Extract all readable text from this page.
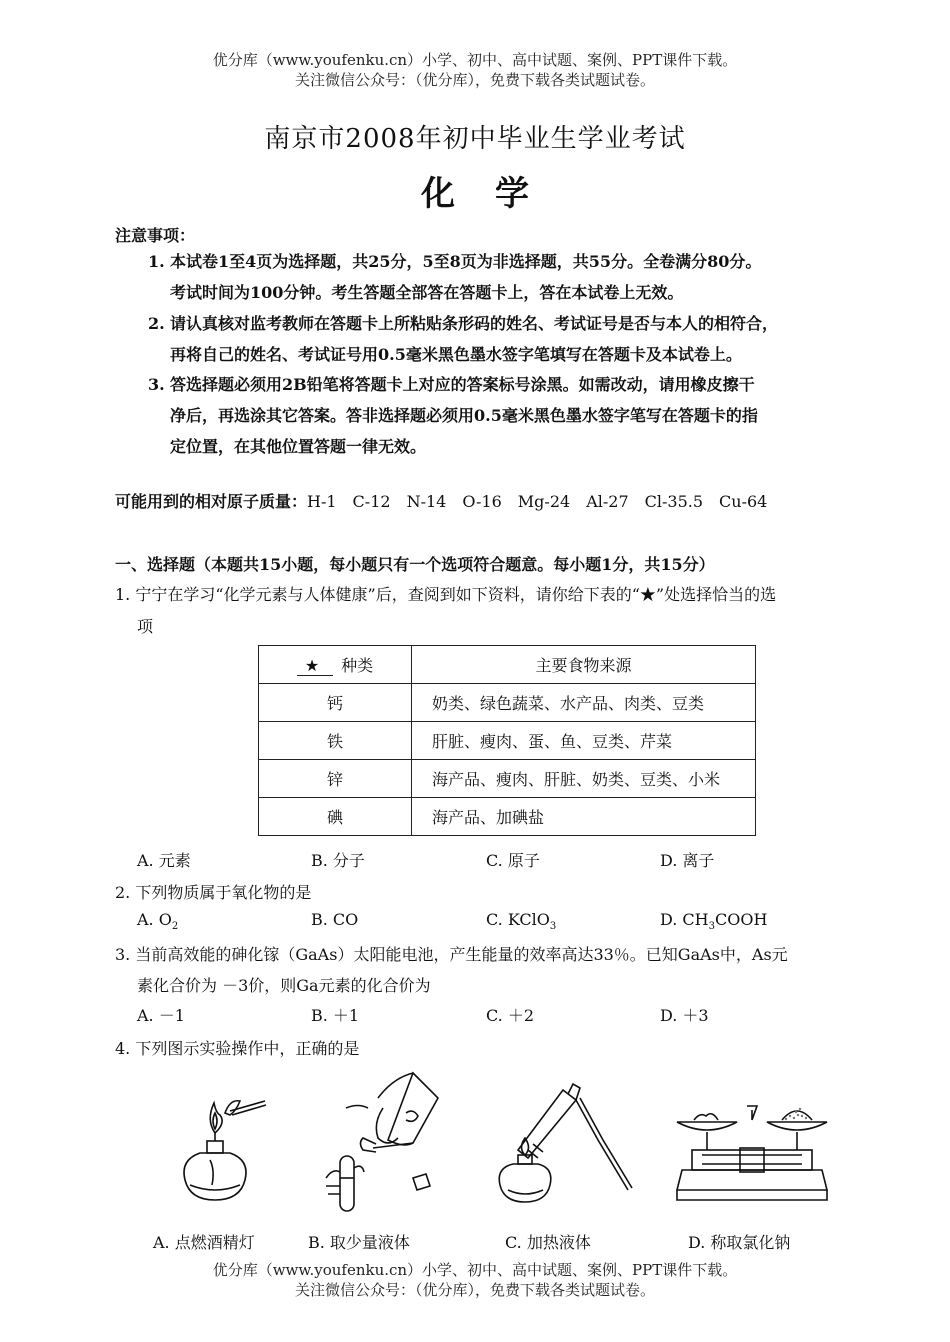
优分库（www.youfenku.cn）小学、初中、高中试题、案例、PPT课件下载。
关注微信公众号：（优分库），免费下载各类试题试卷。
南京市2008年初中毕业生学业考试
化学
注意事项：
1. 本试卷1至4页为选择题，共25分，5至8页为非选择题，共55分。全卷满分80分。
考试时间为100分钟。考生答题全部答在答题卡上，答在本试卷上无效。
2. 请认真核对监考教师在答题卡上所粘贴条形码的姓名、考试证号是否与本人的相符合，
再将自己的姓名、考试证号用0.5毫米黑色墨水签字笔填写在答题卡及本试卷上。
3. 答选择题必须用2B铅笔将答题卡上对应的答案标号涂黑。如需改动，请用橡皮擦干
净后，再选涂其它答案。答非选择题必须用0.5毫米黑色墨水签字笔写在答题卡的指
定位置，在其他位置答题一律无效。
可能用到的相对原子质量：H-1　C-12　N-14　O-16　Mg-24　Al-27　Cl-35.5　Cu-64
一、选择题（本题共15小题，每小题只有一个选项符合题意。每小题1分，共15分）
1. 宁宁在学习“化学元素与人体健康”后，查阅到如下资料，请你给下表的“★”处选择恰当的选
项
★ 种类	主要食物来源
钙	奶类、绿色蔬菜、水产品、肉类、豆类
铁	肝脏、瘦肉、蛋、鱼、豆类、芹菜
锌	海产品、瘦肉、肝脏、奶类、豆类、小米
碘	海产品、加碘盐
A. 元素	B. 分子	C. 原子	D. 离子
2. 下列物质属于氧化物的是
A. $O_2$	B. CO	C. KClO$_3$	D. $CH_3COOH$
3. 当前高效能的砷化镓（GaAs）太阳能电池，产生能量的效率高达33％。已知GaAs中，As元
素化合价为 －3价，则Ga元素的化合价为
A. －1	B. ＋1	C. ＋2	D. ＋3
4. 下列图示实验操作中，正确的是
A. 点燃酒精灯	B. 取少量液体	C. 加热液体	D. 称取氯化钠
优分库（www.youfenku.cn）小学、初中、高中试题、案例、PPT课件下载。
关注微信公众号：（优分库），免费下载各类试题试卷。
